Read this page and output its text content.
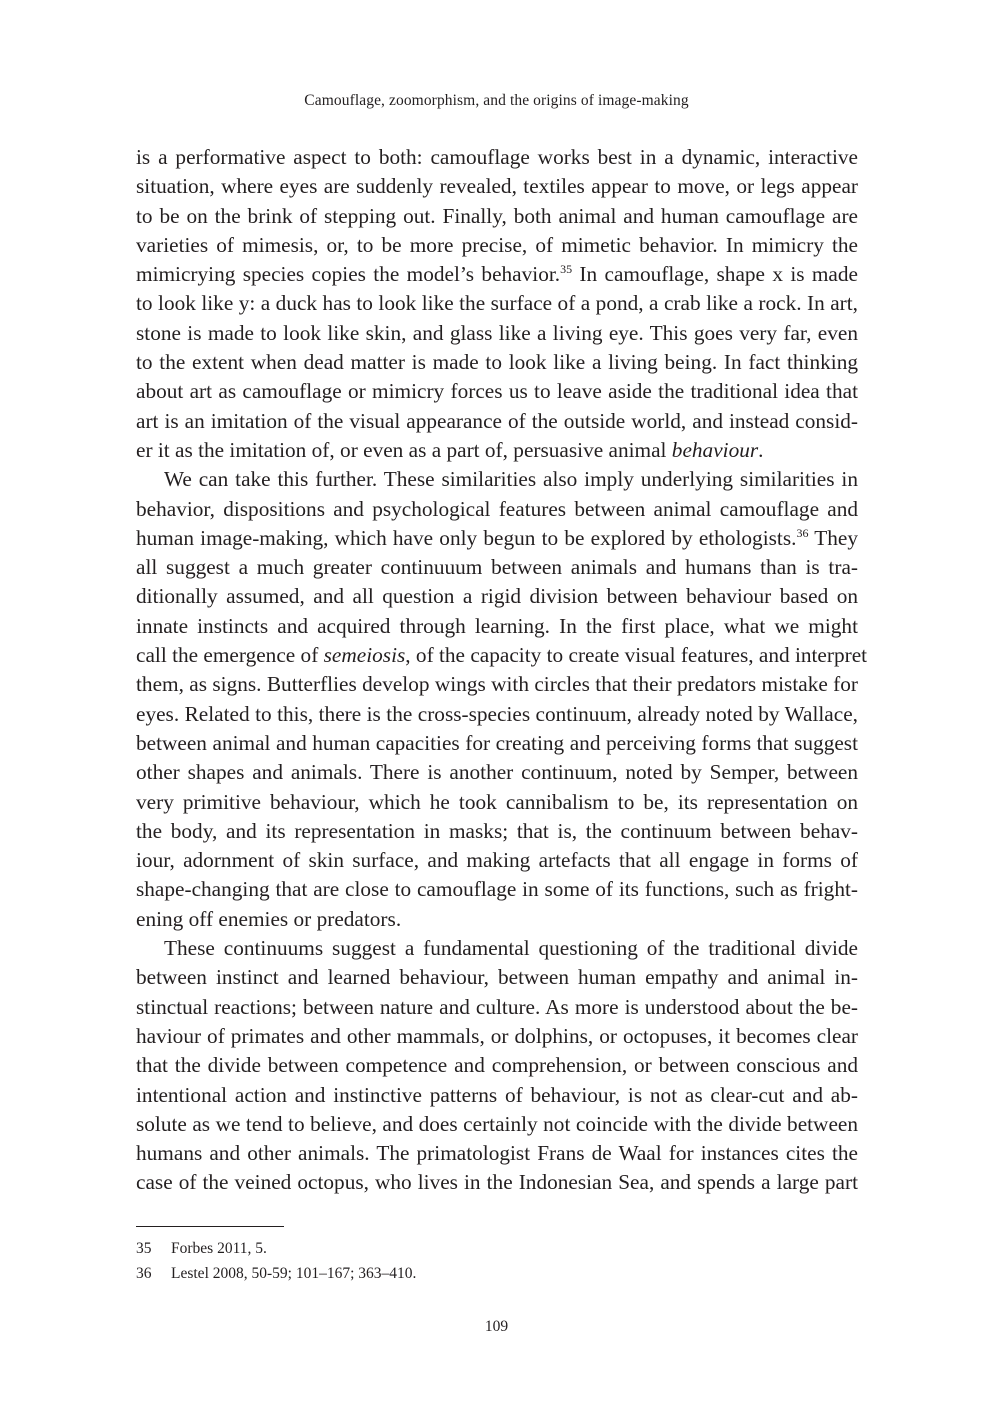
Camouflage, zoomorphism, and the origins of image-making
is a performative aspect to both: camouflage works best in a dynamic, interactive
situation, where eyes are suddenly revealed, textiles appear to move, or legs appear
to be on the brink of stepping out. Finally, both animal and human camouflage are
varieties of mimesis, or, to be more precise, of mimetic behavior. In mimicry the
mimicrying species copies the model’s behavior.$^{35}$ In camouflage, shape x is made
to look like y: a duck has to look like the surface of a pond, a crab like a rock. In art,
stone is made to look like skin, and glass like a living eye. This goes very far, even
to the extent when dead matter is made to look like a living being. In fact thinking
about art as camouflage or mimicry forces us to leave aside the traditional idea that
art is an imitation of the visual appearance of the outside world, and instead consid-
er it as the imitation of, or even as a part of, persuasive animal behaviour.
We can take this further. These similarities also imply underlying similarities in
behavior, dispositions and psychological features between animal camouflage and
human image-making, which have only begun to be explored by ethologists.$^{36}$ They
all suggest a much greater continuuum between animals and humans than is tra-
ditionally assumed, and all question a rigid division between behaviour based on
innate instincts and acquired through learning. In the first place, what we might
call the emergence of semeiosis, of the capacity to create visual features, and interpret
them, as signs. Butterflies develop wings with circles that their predators mistake for
eyes. Related to this, there is the cross-species continuum, already noted by Wallace,
between animal and human capacities for creating and perceiving forms that suggest
other shapes and animals. There is another continuum, noted by Semper, between
very primitive behaviour, which he took cannibalism to be, its representation on
the body, and its representation in masks; that is, the continuum between behav-
iour, adornment of skin surface, and making artefacts that all engage in forms of
shape-changing that are close to camouflage in some of its functions, such as fright-
ening off enemies or predators.
These continuums suggest a fundamental questioning of the traditional divide
between instinct and learned behaviour, between human empathy and animal in-
stinctual reactions; between nature and culture. As more is understood about the be-
haviour of primates and other mammals, or dolphins, or octopuses, it becomes clear
that the divide between competence and comprehension, or between conscious and
intentional action and instinctive patterns of behaviour, is not as clear-cut and ab-
solute as we tend to believe, and does certainly not coincide with the divide between
humans and other animals. The primatologist Frans de Waal for instances cites the
case of the veined octopus, who lives in the Indonesian Sea, and spends a large part
35 Forbes 2011, 5.
36 Lestel 2008, 50-59; 101–167; 363–410.
109
